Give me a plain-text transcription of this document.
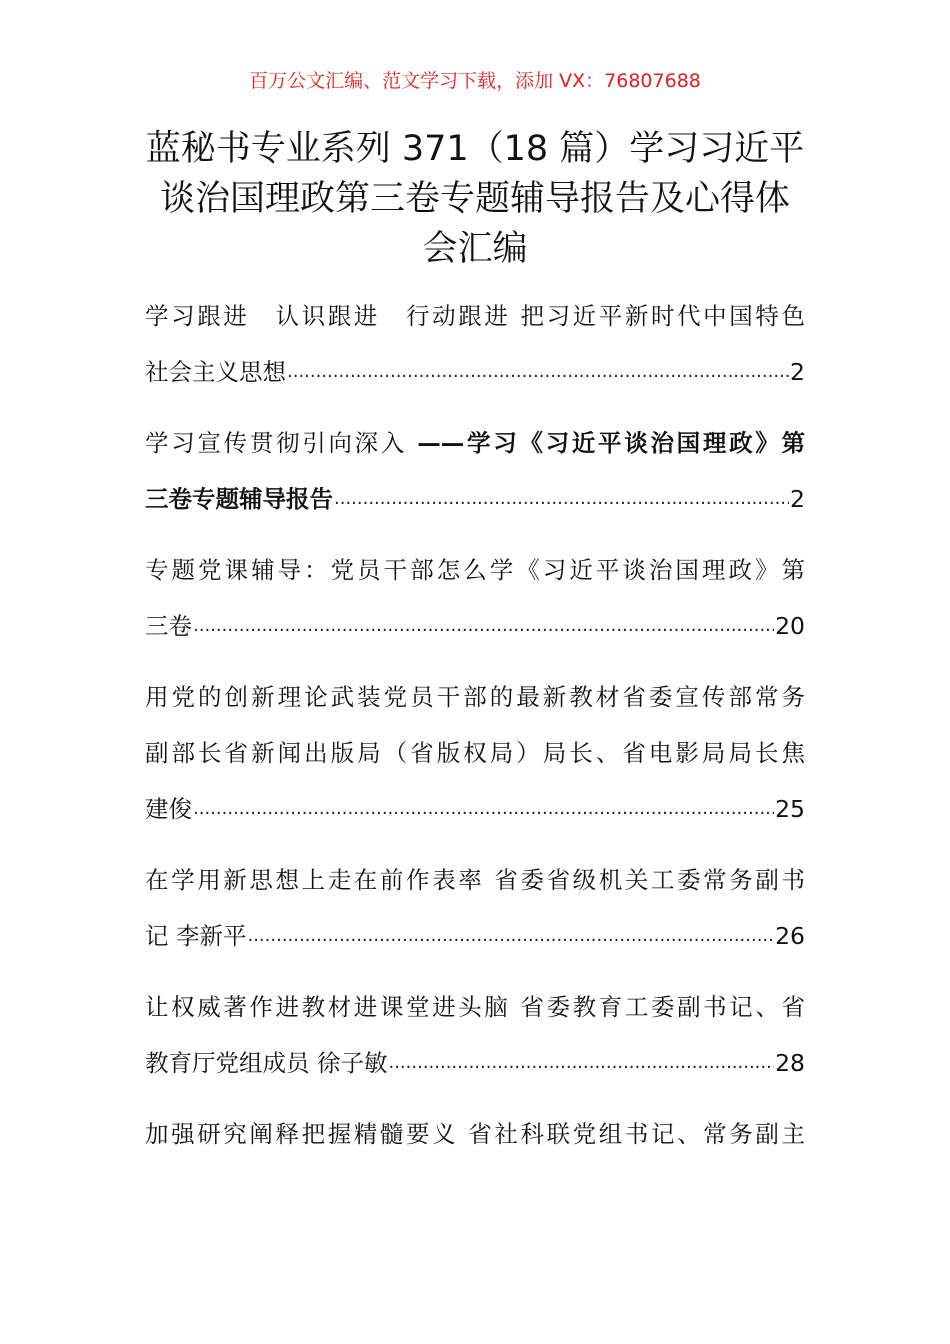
百万公文汇编、范文学习下载，添加 VX：76807688
蓝秘书专业系列 371（18 篇）学习习近平
谈治国理政第三卷专题辅导报告及心得体
会汇编
学习跟进　认识跟进　行动跟进 把习近平新时代中国特色
社会主义思想 .....	2
学习宣传贯彻引向深入 ——学习《习近平谈治国理政》第
三卷专题辅导报告 .....	2
专题党课辅导：党员干部怎么学《习近平谈治国理政》第
三卷 .....	20
用党的创新理论武装党员干部的最新教材省委宣传部常务
副部长省新闻出版局（省版权局）局长、省电影局局长焦
建俊 .....	25
在学用新思想上走在前作表率 省委省级机关工委常务副书
记 李新平 .....	26
让权威著作进教材进课堂进头脑 省委教育工委副书记、省
教育厅党组成员 徐子敏 .....	28
加强研究阐释把握精髓要义 省社科联党组书记、常务副主
